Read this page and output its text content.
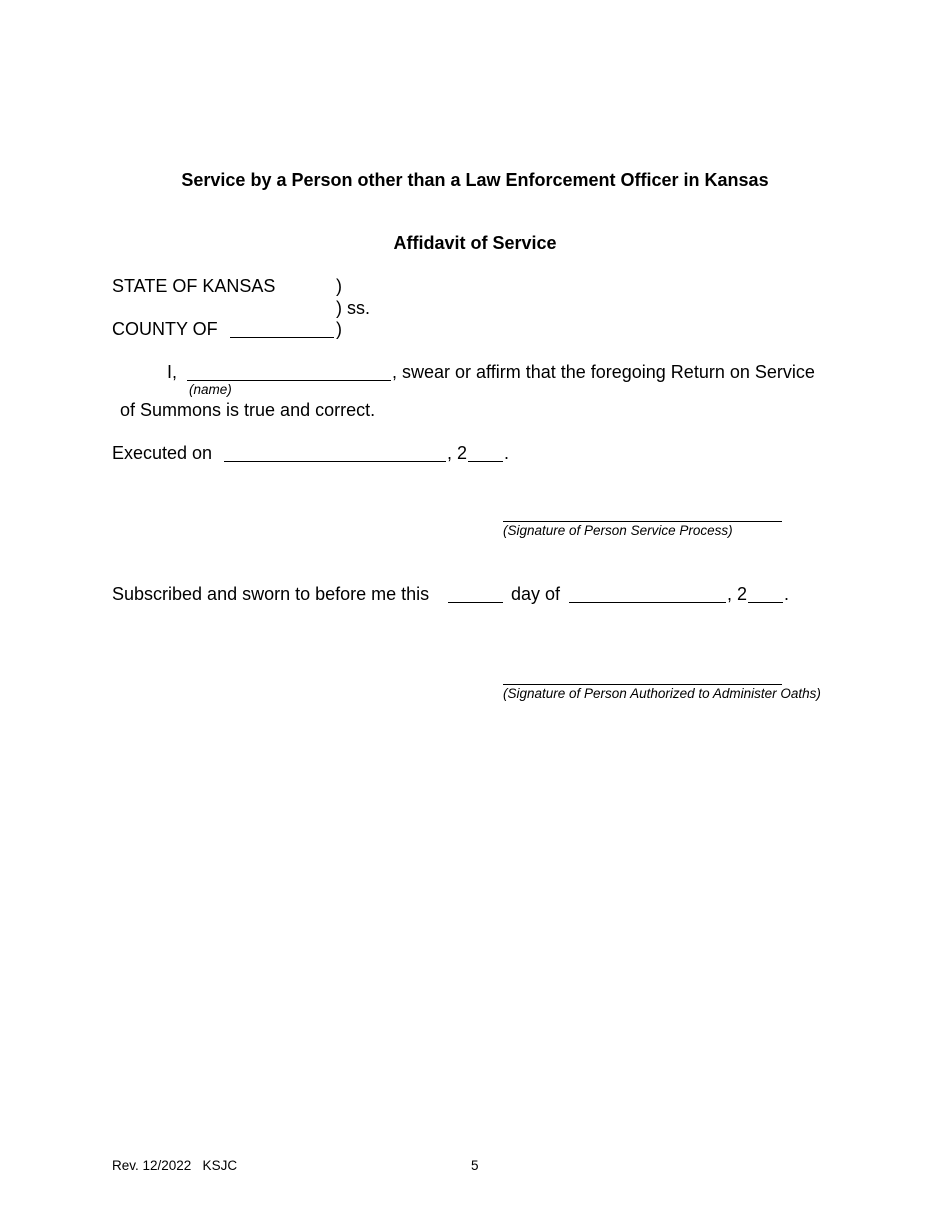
Service by a Person other than a Law Enforcement Officer in Kansas
Affidavit of Service
STATE OF KANSAS	)
) ss.
COUNTY OF	)
I,	, swear or affirm that the foregoing Return on Service
(name)
of Summons is true and correct.
Executed on	, 2 .
(Signature of Person Service Process)
Subscribed and sworn to before me this	day of	, 2 .
(Signature of Person Authorized to Administer Oaths)
Rev. 12/2022   KSJC	5
